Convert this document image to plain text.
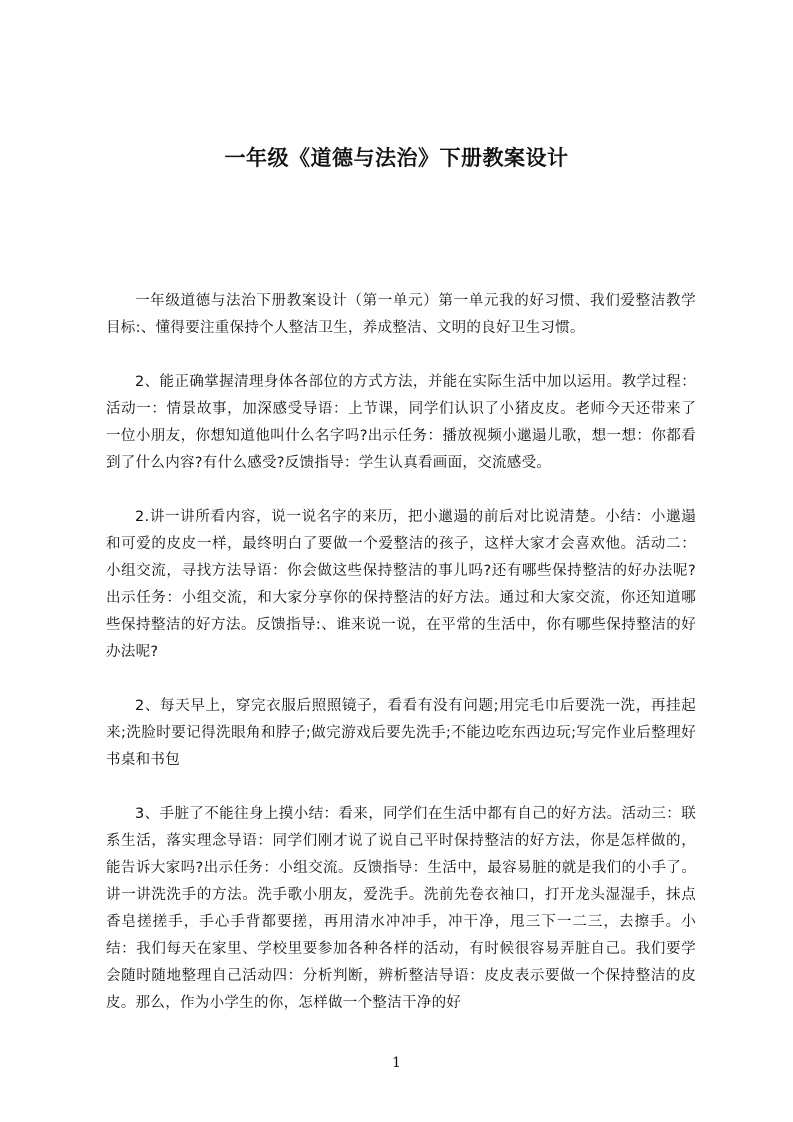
一年级《道德与法治》下册教案设计

一年级道德与法治下册教案设计（第一单元）第一单元我的好习惯、我们爱整洁教学目标:、懂得要注重保持个人整洁卫生，养成整洁、文明的良好卫生习惯。

2、能正确掌握清理身体各部位的方式方法，并能在实际生活中加以运用。教学过程：活动一：情景故事，加深感受导语：上节课，同学们认识了小猪皮皮。老师今天还带来了一位小朋友，你想知道他叫什么名字吗?出示任务：播放视频小邋遢儿歌，想一想：你都看到了什么内容?有什么感受?反馈指导：学生认真看画面，交流感受。

2.讲一讲所看内容，说一说名字的来历，把小邋遢的前后对比说清楚。小结：小邋遢和可爱的皮皮一样，最终明白了要做一个爱整洁的孩子，这样大家才会喜欢他。活动二：小组交流，寻找方法导语：你会做这些保持整洁的事儿吗?还有哪些保持整洁的好办法呢?出示任务：小组交流，和大家分享你的保持整洁的好方法。通过和大家交流，你还知道哪些保持整洁的好方法。反馈指导:、谁来说一说，在平常的生活中，你有哪些保持整洁的好办法呢?

2、每天早上，穿完衣服后照照镜子，看看有没有问题;用完毛巾后要洗一洗，再挂起来;洗脸时要记得洗眼角和脖子;做完游戏后要先洗手;不能边吃东西边玩;写完作业后整理好书桌和书包

3、手脏了不能往身上摸小结：看来，同学们在生活中都有自己的好方法。活动三：联系生活，落实理念导语：同学们刚才说了说自己平时保持整洁的好方法，你是怎样做的，能告诉大家吗?出示任务：小组交流。反馈指导：生活中，最容易脏的就是我们的小手了。讲一讲洗洗手的方法。洗手歌小朋友，爱洗手。洗前先卷衣袖口，打开龙头湿湿手，抹点香皂搓搓手，手心手背都要搓，再用清水冲冲手，冲干净，甩三下一二三，去擦手。小结：我们每天在家里、学校里要参加各种各样的活动，有时候很容易弄脏自己。我们要学会随时随地整理自己活动四：分析判断，辨析整洁导语：皮皮表示要做一个保持整洁的皮皮。那么，作为小学生的你，怎样做一个整洁干净的好

1
